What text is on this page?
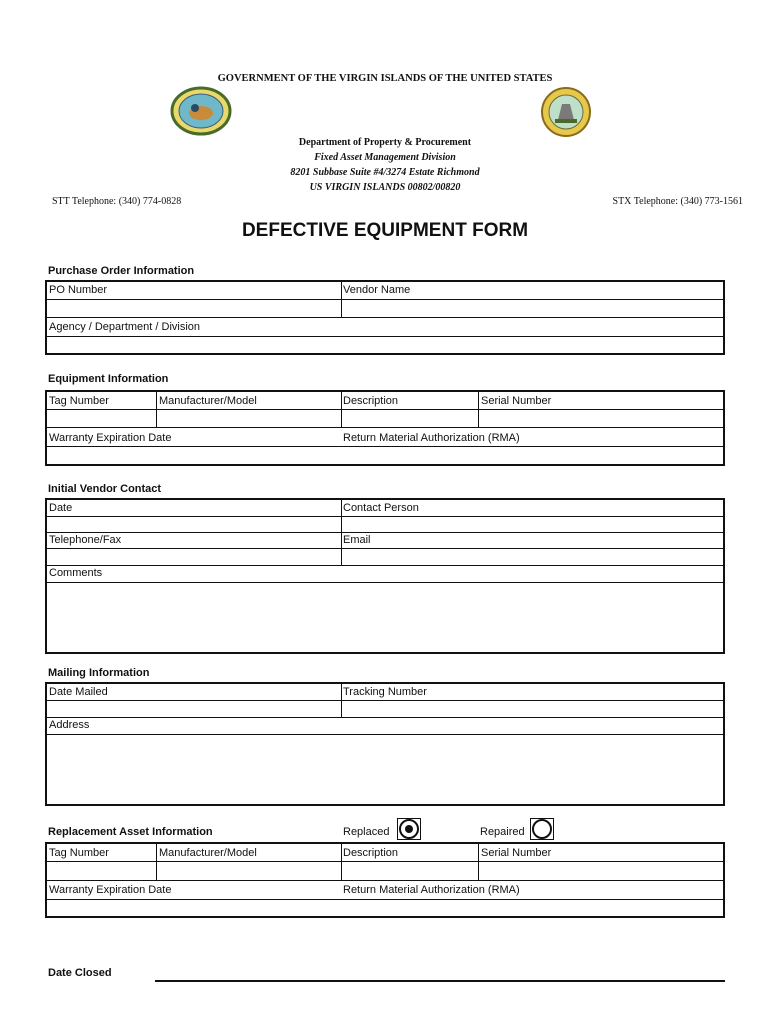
GOVERNMENT OF THE VIRGIN ISLANDS OF THE UNITED STATES
Department of Property & Procurement
Fixed Asset Management Division
8201 Subbase Suite #4/3274 Estate Richmond
US VIRGIN ISLANDS 00802/00820
STT Telephone: (340) 774-0828	STX Telephone: (340) 773-1561
DEFECTIVE EQUIPMENT FORM
Purchase Order Information
PO Number	Vendor Name
Agency / Department / Division
Equipment Information
Tag Number	Manufacturer/Model	Description	Serial Number
Warranty Expiration Date	Return Material Authorization (RMA)
Initial Vendor Contact
Date	Contact Person
Telephone/Fax	Email
Comments
Mailing Information
Date Mailed	Tracking Number
Address
Replacement Asset Information	Replaced	Repaired
Tag Number	Manufacturer/Model	Description	Serial Number
Warranty Expiration Date	Return Material Authorization (RMA)
Date Closed
